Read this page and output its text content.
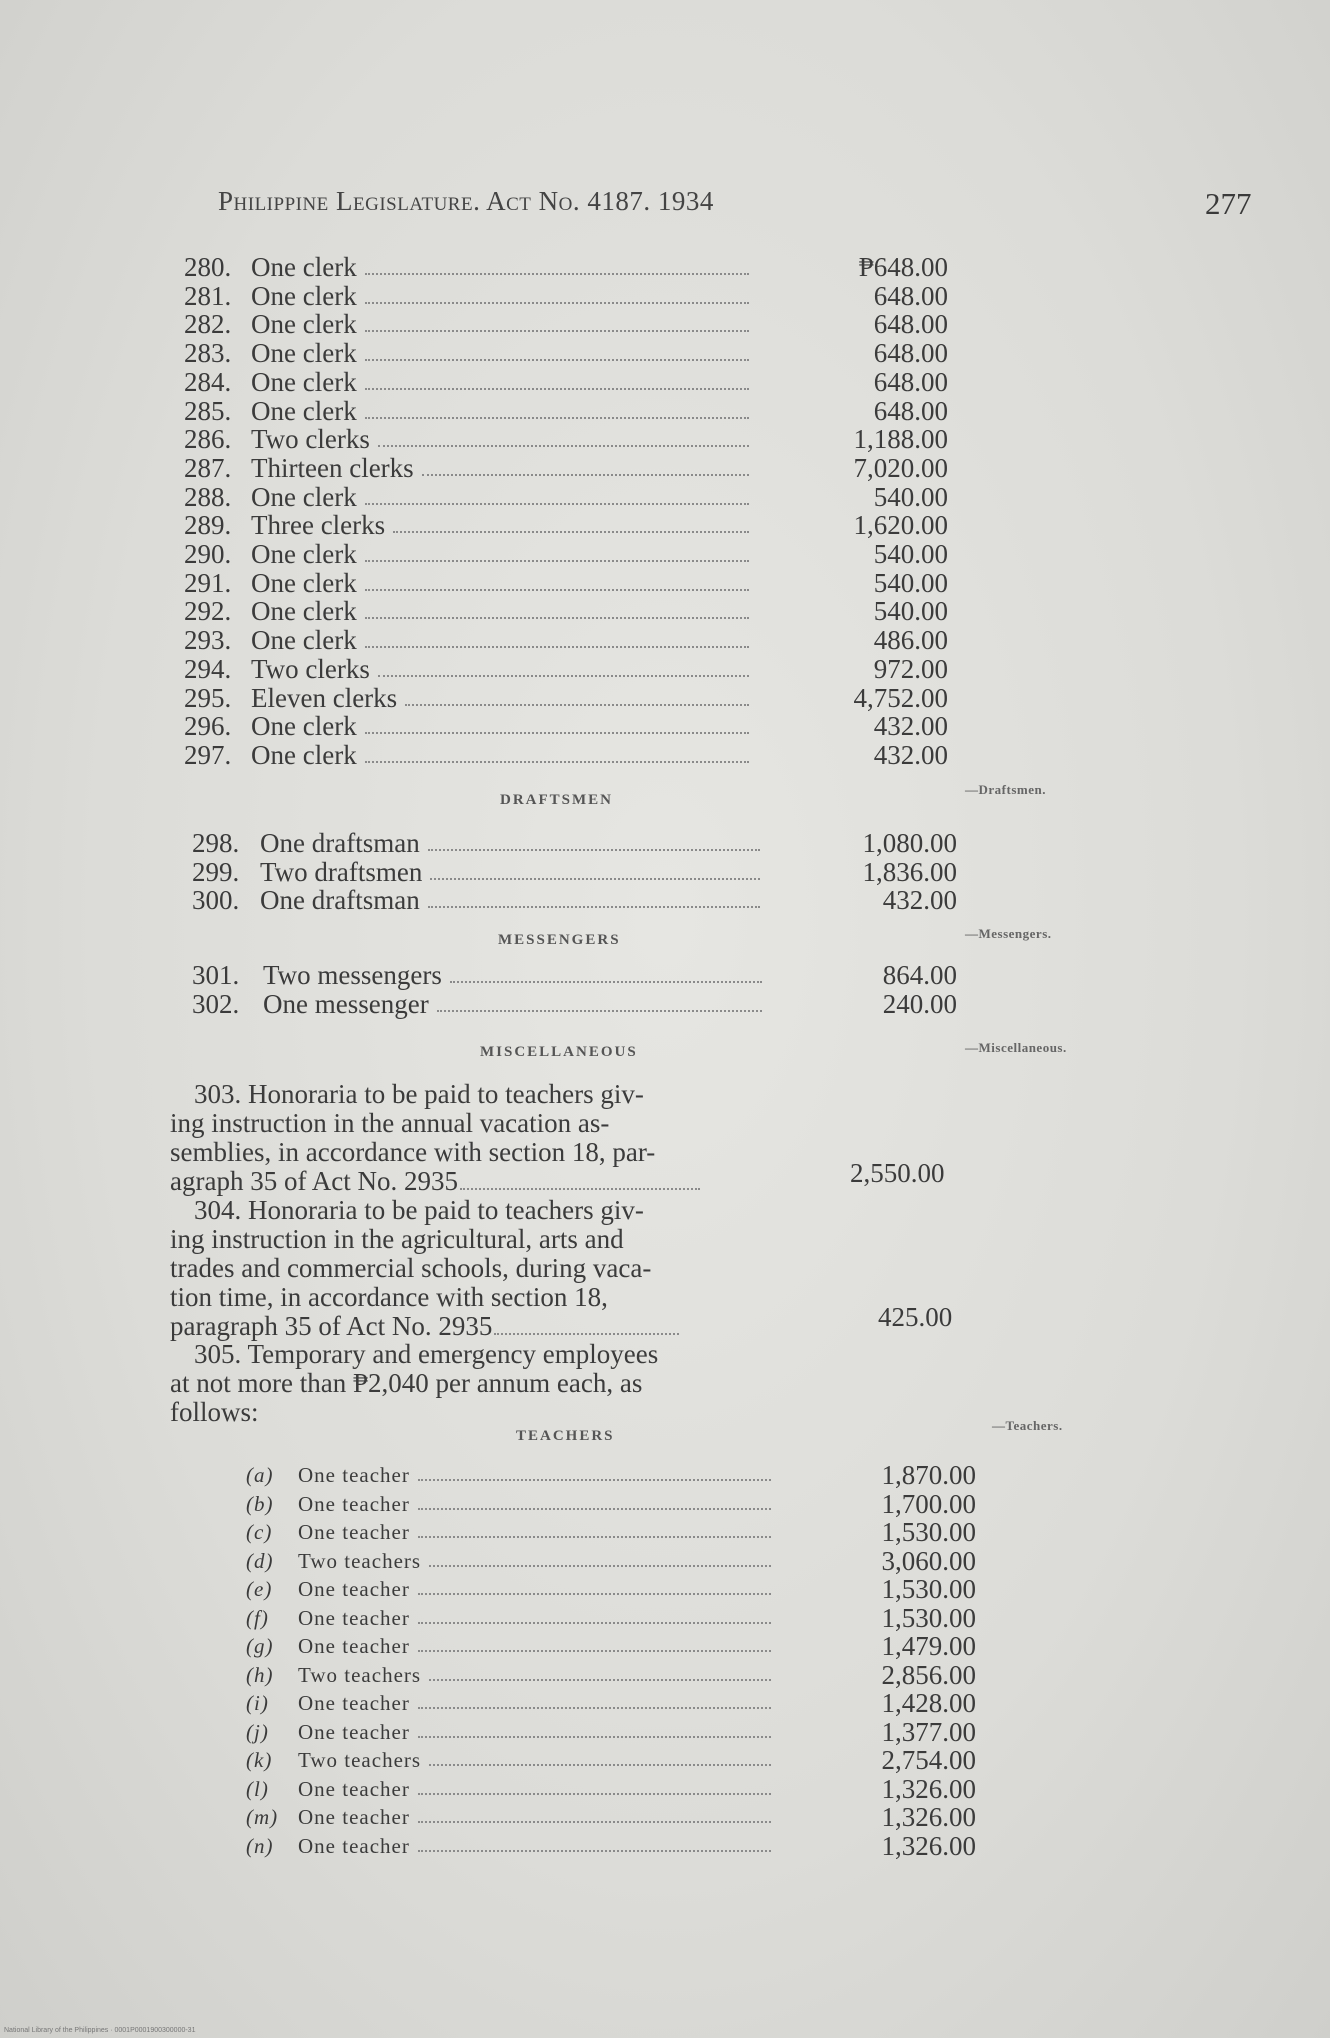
Philippine Legislature. Act No. 4187. 1934	277
280. One clerk	₱648.00
281. One clerk	648.00
282. One clerk	648.00
283. One clerk	648.00
284. One clerk	648.00
285. One clerk	648.00
286. Two clerks	1,188.00
287. Thirteen clerks	7,020.00
288. One clerk	540.00
289. Three clerks	1,620.00
290. One clerk	540.00
291. One clerk	540.00
292. One clerk	540.00
293. One clerk	486.00
294. Two clerks	972.00
295. Eleven clerks	4,752.00
296. One clerk	432.00
297. One clerk	432.00
DRAFTSMEN
—Draftsmen.
298. One draftsman	1,080.00
299. Two draftsmen	1,836.00
300. One draftsman	432.00
MESSENGERS	—Messengers.
301. Two messengers	864.00
302. One messenger	240.00
MISCELLANEOUS	—Miscellaneous.
303. Honoraria to be paid to teachers giv-
ing instruction in the annual vacation as-
semblies, in accordance with section 18, par-
agraph 35 of Act No. 2935	2,550.00
304. Honoraria to be paid to teachers giv-
ing instruction in the agricultural, arts and
trades and commercial schools, during vaca-
tion time, in accordance with section 18,
paragraph 35 of Act No. 2935	425.00
305. Temporary and emergency employees
at not more than ₱2,040 per annum each, as
follows:
TEACHERS
—Teachers.
(a) One teacher	1,870.00
(b) One teacher	1,700.00
(c) One teacher	1,530.00
(d) Two teachers	3,060.00
(e) One teacher	1,530.00
(f) One teacher	1,530.00
(g) One teacher	1,479.00
(h) Two teachers	2,856.00
(i) One teacher	1,428.00
(j) One teacher	1,377.00
(k) Two teachers	2,754.00
(l) One teacher	1,326.00
(m) One teacher	1,326.00
(n) One teacher	1,326.00
National Library of the Philippines · 0001P0001900300000-31
